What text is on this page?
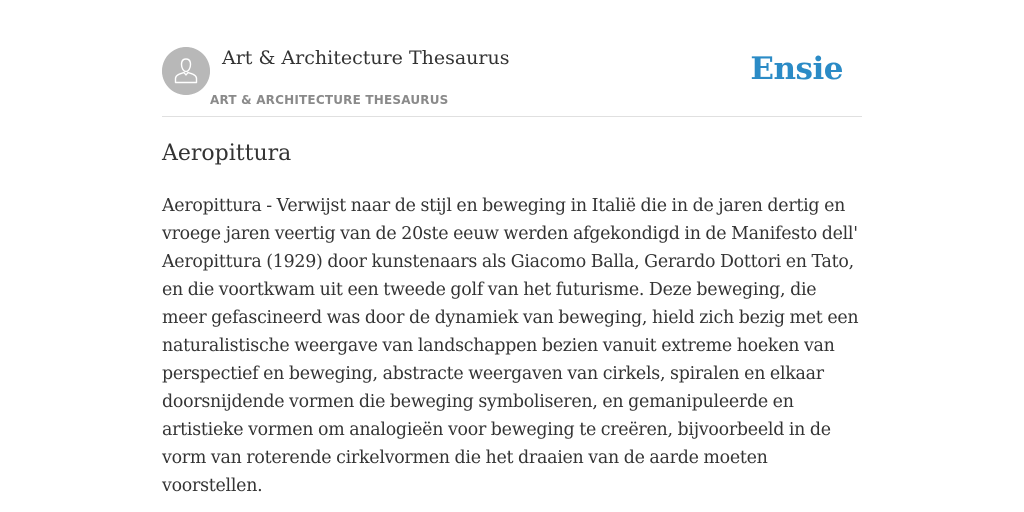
Art & Architecture Thesaurus
ART & ARCHITECTURE THESAURUS
Ensie
Aeropittura

Aeropittura - Verwijst naar de stijl en beweging in Italië die in de jaren dertig en vroege jaren veertig van de 20ste eeuw werden afgekondigd in de Manifesto dell' Aeropittura (1929) door kunstenaars als Giacomo Balla, Gerardo Dottori en Tato, en die voortkwam uit een tweede golf van het futurisme. Deze beweging, die meer gefascineerd was door de dynamiek van beweging, hield zich bezig met een naturalistische weergave van landschappen bezien vanuit extreme hoeken van perspectief en beweging, abstracte weergaven van cirkels, spiralen en elkaar doorsnijdende vormen die beweging symboliseren, en gemanipuleerde en artistieke vormen om analogieën voor beweging te creëren, bijvoorbeeld in de vorm van roterende cirkelvormen die het draaien van de aarde moeten voorstellen.
